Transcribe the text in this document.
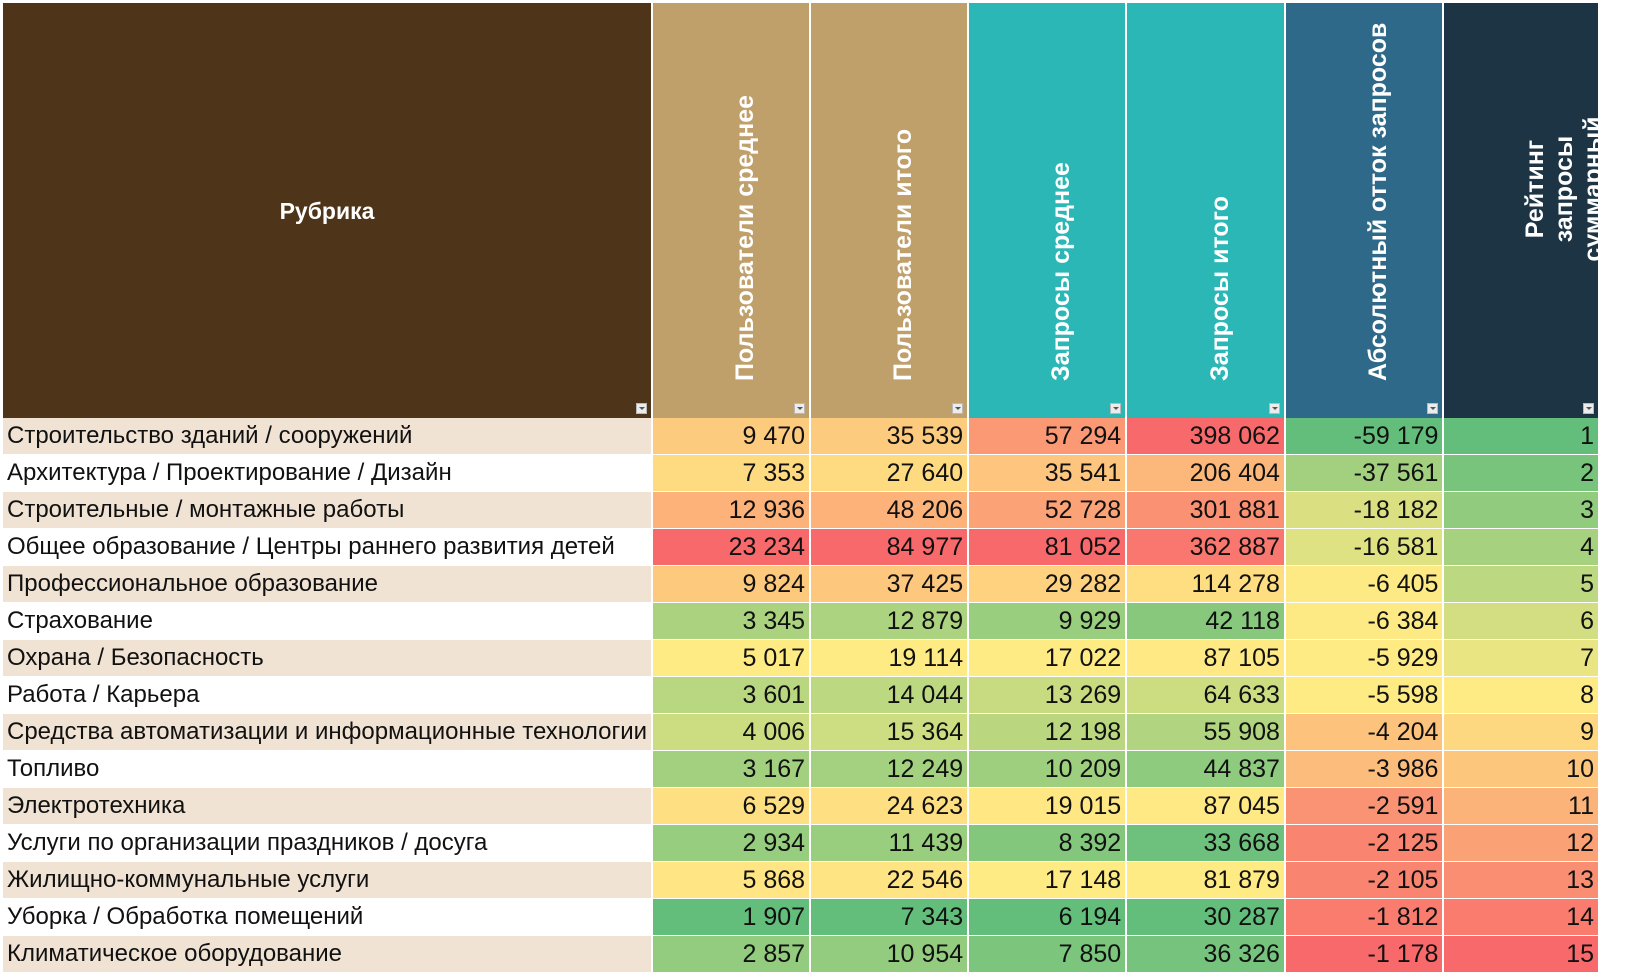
Рубрика	Пользователи среднее	Пользователи итого	Запросы среднее	Запросы итого	Абсолютный отток запросов	Рейтинг запросы суммарный отток

Строительство зданий / сооружений	9 470	35 539	57 294	398 062	-59 179	1
Архитектура / Проектирование / Дизайн	7 353	27 640	35 541	206 404	-37 561	2
Строительные / монтажные работы	12 936	48 206	52 728	301 881	-18 182	3
Общее образование / Центры раннего развития детей	23 234	84 977	81 052	362 887	-16 581	4
Профессиональное образование	9 824	37 425	29 282	114 278	-6 405	5
Страхование	3 345	12 879	9 929	42 118	-6 384	6
Охрана / Безопасность	5 017	19 114	17 022	87 105	-5 929	7
Работа / Карьера	3 601	14 044	13 269	64 633	-5 598	8
Средства автоматизации и информационные технологии	4 006	15 364	12 198	55 908	-4 204	9
Топливо	3 167	12 249	10 209	44 837	-3 986	10
Электротехника	6 529	24 623	19 015	87 045	-2 591	11
Услуги по организации праздников / досуга	2 934	11 439	8 392	33 668	-2 125	12
Жилищно-коммунальные услуги	5 868	22 546	17 148	81 879	-2 105	13
Уборка / Обработка помещений	1 907	7 343	6 194	30 287	-1 812	14
Климатическое оборудование	2 857	10 954	7 850	36 326	-1 178	15
